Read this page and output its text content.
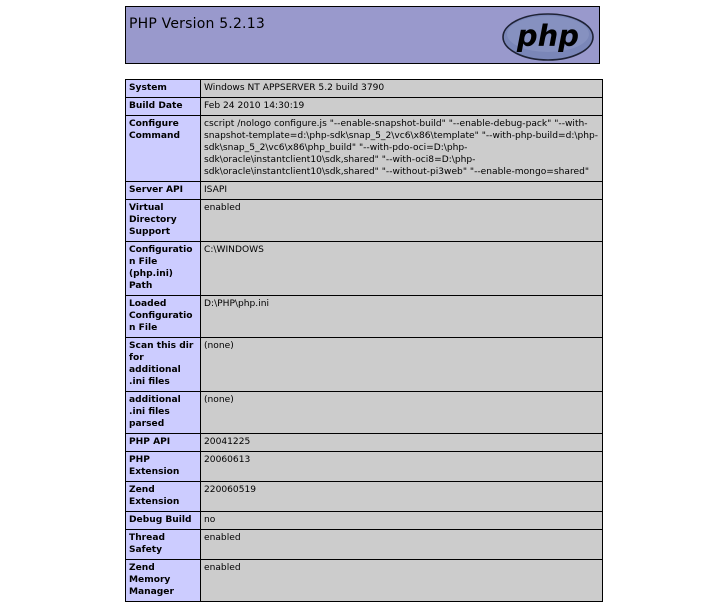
PHP Version 5.2.13	php
System	Windows NT APPSERVER 5.2 build 3790
Build Date	Feb 24 2010 14:30:19
Configure Command	cscript /nologo configure.js "--enable-snapshot-build" "--enable-debug-pack" "--with-snapshot-template=d:\php-sdk\snap_5_2\vc6\x86\template" "--with-php-build=d:\php-sdk\snap_5_2\vc6\x86\php_build" "--with-pdo-oci=D:\php-sdk\oracle\instantclient10\sdk,shared" "--with-oci8=D:\php-sdk\oracle\instantclient10\sdk,shared" "--without-pi3web" "--enable-mongo=shared"
Server API	ISAPI
Virtual Directory Support	enabled
Configuration File (php.ini) Path	C:\WINDOWS
Loaded Configuration File	D:\PHP\php.ini
Scan this dir for additional .ini files	(none)
additional .ini files parsed	(none)
PHP API	20041225
PHP Extension	20060613
Zend Extension	220060519
Debug Build	no
Thread Safety	enabled
Zend Memory Manager	enabled
